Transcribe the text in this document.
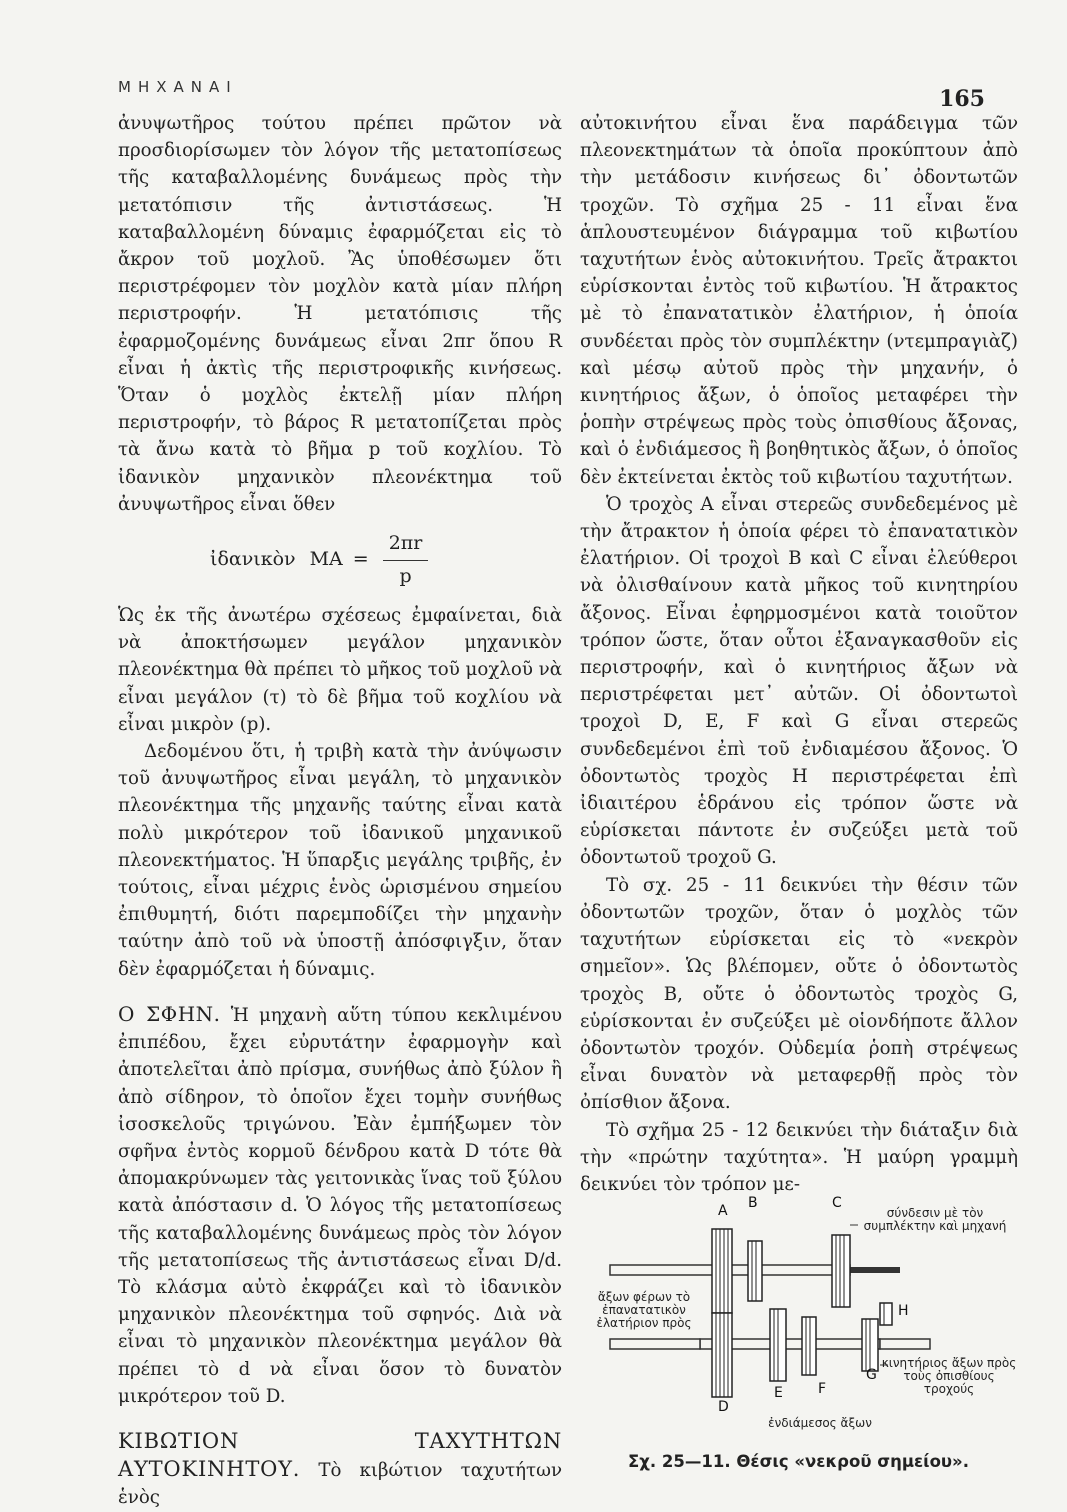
ΜΗΧΑΝΑΙ	165

ἀνυψωτῆρος τούτου πρέπει πρῶτον νὰ προσδιορίσωμεν τὸν λόγον τῆς μετατοπίσεως τῆς καταβαλλομένης δυνάμεως πρὸς τὴν μετατόπισιν τῆς ἀντιστάσεως. Ἡ καταβαλλομένη δύναμις ἐφαρμόζεται εἰς τὸ ἄκρον τοῦ μοχλοῦ. Ἂς ὑποθέσωμεν ὅτι περιστρέφομεν τὸν μοχλὸν κατὰ μίαν πλήρη περιστροφήν. Ἡ μετατόπισις τῆς ἐφαρμοζομένης δυνάμεως εἶναι 2πr ὅπου R εἶναι ἡ ἀκτὶς τῆς περιστροφικῆς κινήσεως. Ὅταν ὁ μοχλὸς ἐκτελῇ μίαν πλήρη περιστροφήν, τὸ βάρος R μετατοπίζεται πρὸς τὰ ἄνω κατὰ τὸ βῆμα p τοῦ κοχλίου. Τὸ ἰδανικὸν μηχανικὸν πλεονέκτημα τοῦ ἀνυψωτῆρος εἶναι ὅθεν

ἰδανικὸν MA = $\frac{2\pi r}{p}$

Ὡς ἐκ τῆς ἀνωτέρω σχέσεως ἐμφαίνεται, διὰ νὰ ἀποκτήσωμεν μεγάλον μηχανικὸν πλεονέκτημα θὰ πρέπει τὸ μῆκος τοῦ μοχλοῦ νὰ εἶναι μεγάλον (τ) τὸ δὲ βῆμα τοῦ κοχλίου νὰ εἶναι μικρὸν (p).

Δεδομένου ὅτι, ἡ τριβὴ κατὰ τὴν ἀνύψωσιν τοῦ ἀνυψωτῆρος εἶναι μεγάλη, τὸ μηχανικὸν πλεονέκτημα τῆς μηχανῆς ταύτης εἶναι κατὰ πολὺ μικρότερον τοῦ ἰδανικοῦ μηχανικοῦ πλεονεκτήματος. Ἡ ὕπαρξις μεγάλης τριβῆς, ἐν τούτοις, εἶναι μέχρις ἑνὸς ὡρισμένου σημείου ἐπιθυμητή, διότι παρεμποδίζει τὴν μηχανὴν ταύτην ἀπὸ τοῦ νὰ ὑποστῇ ἀπόσφιγξιν, ὅταν δὲν ἐφαρμόζεται ἡ δύναμις.

Ο ΣΦΗΝ. Ἡ μηχανὴ αὕτη τύπου κεκλιμένου ἐπιπέδου, ἔχει εὐρυτάτην ἐφαρμογὴν καὶ ἀποτελεῖται ἀπὸ πρίσμα, συνήθως ἀπὸ ξύλον ἢ ἀπὸ σίδηρον, τὸ ὁποῖον ἔχει τομὴν συνήθως ἰσοσκελοῦς τριγώνου. Ἐὰν ἐμπήξωμεν τὸν σφῆνα ἐντὸς κορμοῦ δένδρου κατὰ D τότε θὰ ἀπομακρύνωμεν τὰς γειτονικὰς ἵνας τοῦ ξύλου κατὰ ἀπόστασιν d. Ὁ λόγος τῆς μετατοπίσεως τῆς καταβαλλομένης δυνάμεως πρὸς τὸν λόγον τῆς μετατοπίσεως τῆς ἀντιστάσεως εἶναι D/d. Τὸ κλάσμα αὐτὸ ἐκφράζει καὶ τὸ ἰδανικὸν μηχανικὸν πλεονέκτημα τοῦ σφηνός. Διὰ νὰ εἶναι τὸ μηχανικὸν πλεονέκτημα μεγάλον θὰ πρέπει τὸ d νὰ εἶναι ὅσον τὸ δυνατὸν μικρότερον τοῦ D.

ΚΙΒΩΤΙΟΝ ΤΑΧΥΤΗΤΩΝ ΑΥΤΟΚΙΝΗΤΟΥ. Τὸ κιβώτιον ταχυτήτων ἑνὸς

αὐτοκινήτου εἶναι ἕνα παράδειγμα τῶν πλεονεκτημάτων τὰ ὁποῖα προκύπτουν ἀπὸ τὴν μετάδοσιν κινήσεως δι᾽ ὀδοντωτῶν τροχῶν. Τὸ σχῆμα 25 - 11 εἶναι ἕνα ἁπλουστευμένον διάγραμμα τοῦ κιβωτίου ταχυτήτων ἑνὸς αὐτοκινήτου. Τρεῖς ἄτρακτοι εὑρίσκονται ἐντὸς τοῦ κιβωτίου. Ἡ ἄτρακτος μὲ τὸ ἐπανατατικὸν ἐλατήριον, ἡ ὁποία συνδέεται πρὸς τὸν συμπλέκτην (ντεμπραγιὰζ) καὶ μέσῳ αὐτοῦ πρὸς τὴν μηχανήν, ὁ κινητήριος ἄξων, ὁ ὁποῖος μεταφέρει τὴν ῥοπὴν στρέψεως πρὸς τοὺς ὀπισθίους ἄξονας, καὶ ὁ ἐνδιάμεσος ἢ βοηθητικὸς ἄξων, ὁ ὁποῖος δὲν ἐκτείνεται ἐκτὸς τοῦ κιβωτίου ταχυτήτων.

Ὁ τροχὸς A εἶναι στερεῶς συνδεδεμένος μὲ τὴν ἄτρακτον ἡ ὁποία φέρει τὸ ἐπανατατικὸν ἐλατήριον. Οἱ τροχοὶ B καὶ C εἶναι ἐλεύθεροι νὰ ὀλισθαίνουν κατὰ μῆκος τοῦ κινητηρίου ἄξονος. Εἶναι ἐφηρμοσμένοι κατὰ τοιοῦτον τρόπον ὥστε, ὅταν οὗτοι ἐξαναγκασθοῦν εἰς περιστροφήν, καὶ ὁ κινητήριος ἄξων νὰ περιστρέφεται μετ᾽ αὐτῶν. Οἱ ὀδοντωτοὶ τροχοὶ D, E, F καὶ G εἶναι στερεῶς συνδεδεμένοι ἐπὶ τοῦ ἐνδιαμέσου ἄξονος. Ὁ ὀδοντωτὸς τροχὸς H περιστρέφεται ἐπὶ ἰδιαιτέρου ἑδράνου εἰς τρόπον ὥστε νὰ εὑρίσκεται πάντοτε ἐν συζεύξει μετὰ τοῦ ὀδοντωτοῦ τροχοῦ G.

Τὸ σχ. 25 - 11 δεικνύει τὴν θέσιν τῶν ὀδοντωτῶν τροχῶν, ὅταν ὁ μοχλὸς τῶν ταχυτήτων εὑρίσκεται εἰς τὸ «νεκρὸν σημεῖον». Ὡς βλέπομεν, οὔτε ὁ ὀδοντωτὸς τροχὸς B, οὔτε ὁ ὀδοντωτὸς τροχὸς G, εὑρίσκονται ἐν συζεύξει μὲ οἱονδήποτε ἄλλον ὀδοντωτὸν τροχόν. Οὐδεμία ῥοπὴ στρέψεως εἶναι δυνατὸν νὰ μεταφερθῇ πρὸς τὸν ὀπίσθιον ἄξονα.

Τὸ σχῆμα 25 - 12 δεικνύει τὴν διάταξιν διὰ τὴν «πρώτην ταχύτητα». Ἡ μαύρη γραμμὴ δεικνύει τὸν τρόπον με-

A B	C
D
E	F
G
H
σύνδεσιν μὲ τὸν συμπλέκτην καὶ μηχανή
ἄξων φέρων τὸ ἐπανατατικὸν ἐλατήριον πρὸς
κινητήριος ἄξων πρὸς τοὺς ὀπισθίους τροχούς
ἐνδιάμεσος ἄξων
Σχ. 25—11. Θέσις «νεκροῦ σημείου».
